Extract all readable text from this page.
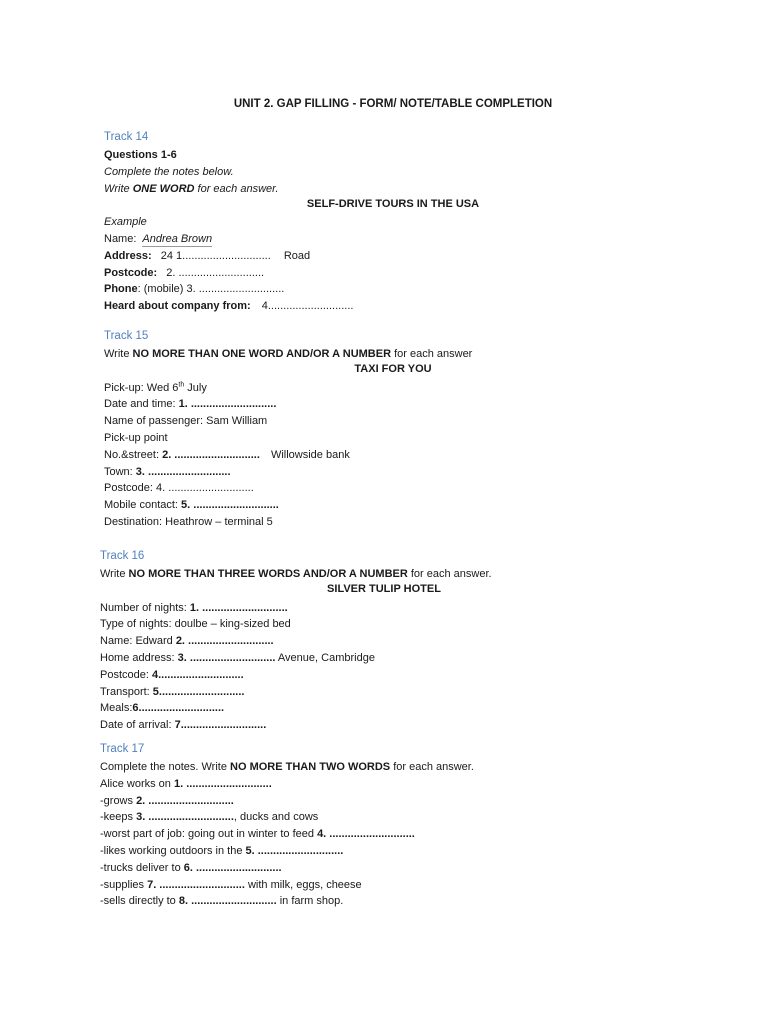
UNIT 2. GAP FILLING - FORM/ NOTE/TABLE COMPLETION
Track 14
Questions 1-6
Complete the notes below.
Write ONE WORD for each answer.
Example
Name: Andrea Brown
Address: 24 1............................. Road
Postcode: 2. ............................
Phone: (mobile) 3. ............................
Heard about company from: 4............................
SELF-DRIVE TOURS IN THE USA
Track 15
Write NO MORE THAN ONE WORD AND/OR A NUMBER for each answer
Pick-up: Wed 6th July
Date and time: 1. ............................
Name of passenger: Sam William
Pick-up point
No.&street: 2. ............................ Willowside bank
Town: 3. ...........................
Postcode: 4. ............................
Mobile contact: 5. ............................
Destination: Heathrow – terminal 5
TAXI FOR YOU
Track 16
Write NO MORE THAN THREE WORDS AND/OR A NUMBER for each answer.
Number of nights: 1. ............................
Type of nights: doulbe – king-sized bed
Name: Edward 2. ............................
Home address: 3. ............................ Avenue, Cambridge
Postcode: 4............................
Transport: 5............................
Meals:6............................
Date of arrival: 7............................
SILVER TULIP HOTEL
Track 17
Complete the notes. Write NO MORE THAN TWO WORDS for each answer.
Alice works on 1. ............................
-grows 2. ............................
-keeps 3. ............................, ducks and cows
-worst part of job: going out in winter to feed 4. ............................
-likes working outdoors in the 5. ............................
-trucks deliver to 6. ............................
-supplies 7. ............................ with milk, eggs, cheese
-sells directly to 8. ............................ in farm shop.
